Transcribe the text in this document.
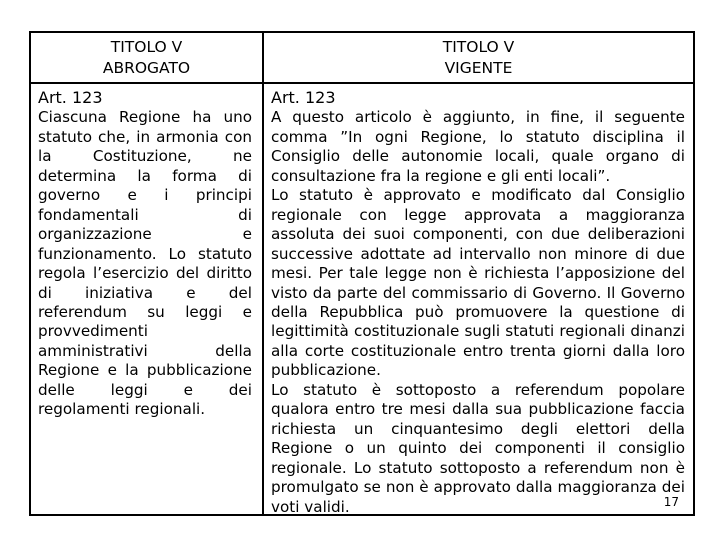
TITOLO V
ABROGATO
TITOLO V
VIGENTE
Art. 123

Ciascuna Regione ha uno statuto che, in armonia con la Costituzione, ne determina la forma di governo e i principi fondamentali di organizzazione e funzionamento. Lo statuto regola l’esercizio del diritto di iniziativa e del referendum su leggi e provvedimenti amministrativi della Regione e la pubblicazione delle leggi e dei regolamenti regionali.

Art. 123

A questo articolo è aggiunto, in fine, il seguente comma ”In ogni Regione, lo statuto disciplina il Consiglio delle autonomie locali, quale organo di consultazione fra la regione e gli enti locali”.

Lo statuto è approvato e modificato dal Consiglio regionale con legge approvata a maggioranza assoluta dei suoi componenti, con due deliberazioni successive adottate ad intervallo non minore di due mesi. Per tale legge non è richiesta l’apposizione del visto da parte del commissario di Governo. Il Governo della Repubblica può promuovere la questione di legittimità costituzionale sugli statuti regionali dinanzi alla corte costituzionale entro trenta giorni dalla loro pubblicazione.

Lo statuto è sottoposto a referendum popolare qualora entro tre mesi dalla sua pubblicazione faccia richiesta un cinquantesimo degli elettori della Regione o un quinto dei componenti il consiglio regionale. Lo statuto sottoposto a referendum non è promulgato se non è approvato dalla maggioranza dei voti validi.	17
